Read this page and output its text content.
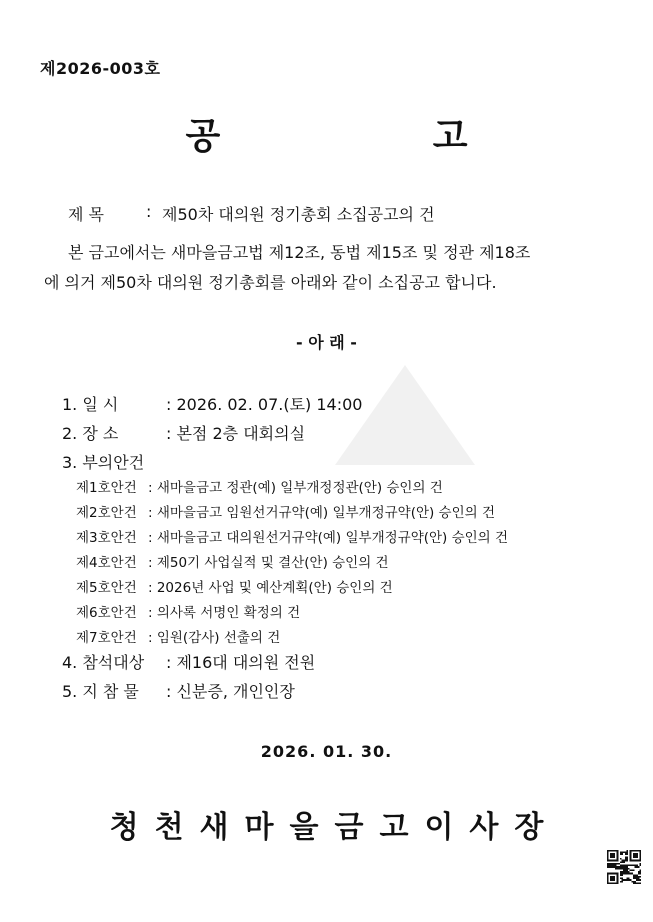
제2026-003호
공 고
제 목	: 제50차 대의원 정기총회 소집공고의 건
본 금고에서는 새마을금고법 제12조, 동법 제15조 및 정관 제18조
에 의거 제50차 대의원 정기총회를 아래와 같이 소집공고 합니다.
- 아 래 -
1. 일 시	: 2026. 02. 07.(토) 14:00
2. 장 소	: 본점 2층 대회의실
3. 부의안건
제1호안건 : 새마을금고 정관(예) 일부개정정관(안) 승인의 건
제2호안건 : 새마을금고 임원선거규약(예) 일부개정규약(안) 승인의 건
제3호안건 : 새마을금고 대의원선거규약(예) 일부개정규약(안) 승인의 건
제4호안건 : 제50기 사업실적 및 결산(안) 승인의 건
제5호안건 : 2026년 사업 및 예산계획(안) 승인의 건
제6호안건 : 의사록 서명인 확정의 건
제7호안건 : 임원(감사) 선출의 건
4. 참석대상 : 제16대 대의원 전원
5. 지 참 물 : 신분증, 개인인장
2026. 01. 30.
청천새마을금고이사장
